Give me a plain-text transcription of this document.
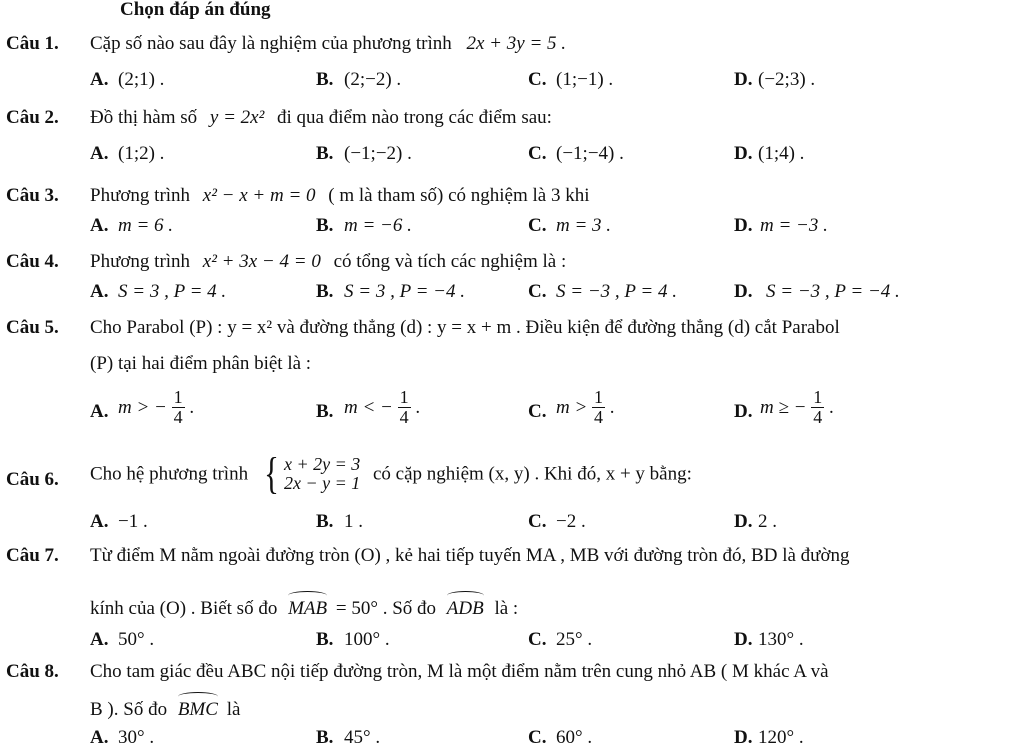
Chọn đáp án đúng
Câu 1. Cặp số nào sau đây là nghiệm của phương trình 2x + 3y = 5 .
A. (2;1) .	B. (2;−2) .	C. (1;−1) .	D. (−2;3) .
Câu 2. Đồ thị hàm số y = 2x² đi qua điểm nào trong các điểm sau:
A. (1;2) .	B. (−1;−2) .	C. (−1;−4) .	D. (1;4) .
Câu 3. Phương trình x² − x + m = 0 ( m là tham số) có nghiệm là 3 khi
A. m = 6 .	B. m = −6 .	C. m = 3 .	D. m = −3 .
Câu 4. Phương trình x² + 3x − 4 = 0 có tổng và tích các nghiệm là :
A. S = 3 , P = 4 .	B. S = 3 , P = −4 .	C. S = −3 , P = 4 .	D. S = −3 , P = −4 .
Câu 5. Cho Parabol (P) : y = x² và đường thẳng (d) : y = x + m . Điều kiện để đường thẳng (d) cắt Parabol
(P) tại hai điểm phân biệt là :
A. m > − $\frac{1}{4}$ .	B. m < − $\frac{1}{4}$ .	C. $m > \frac{1}{4}$ .	D. m ≥ − $\frac{1}{4}$ .
Câu 6. Cho hệ phương trình { x + 2y = 3
2x − y = 1 có cặp nghiệm (x, y) . Khi đó, x + y bằng:
A. −1 .	B. 1 .	C. −2 .	D. 2 .
Câu 7. Từ điểm M nằm ngoài đường tròn (O) , kẻ hai tiếp tuyến MA , MB với đường tròn đó, BD là đường
kính của (O) . Biết số đo MAB = 50° . Số đo ADB là :
A. 50° .	B. 100° .	C. 25° .	D. 130° .
Câu 8. Cho tam giác đều ABC nội tiếp đường tròn, M là một điểm nằm trên cung nhỏ AB ( M khác A và
B ). Số đo BMC là
A. 30° .	B. 45° .	C. 60° .	D. 120° .
